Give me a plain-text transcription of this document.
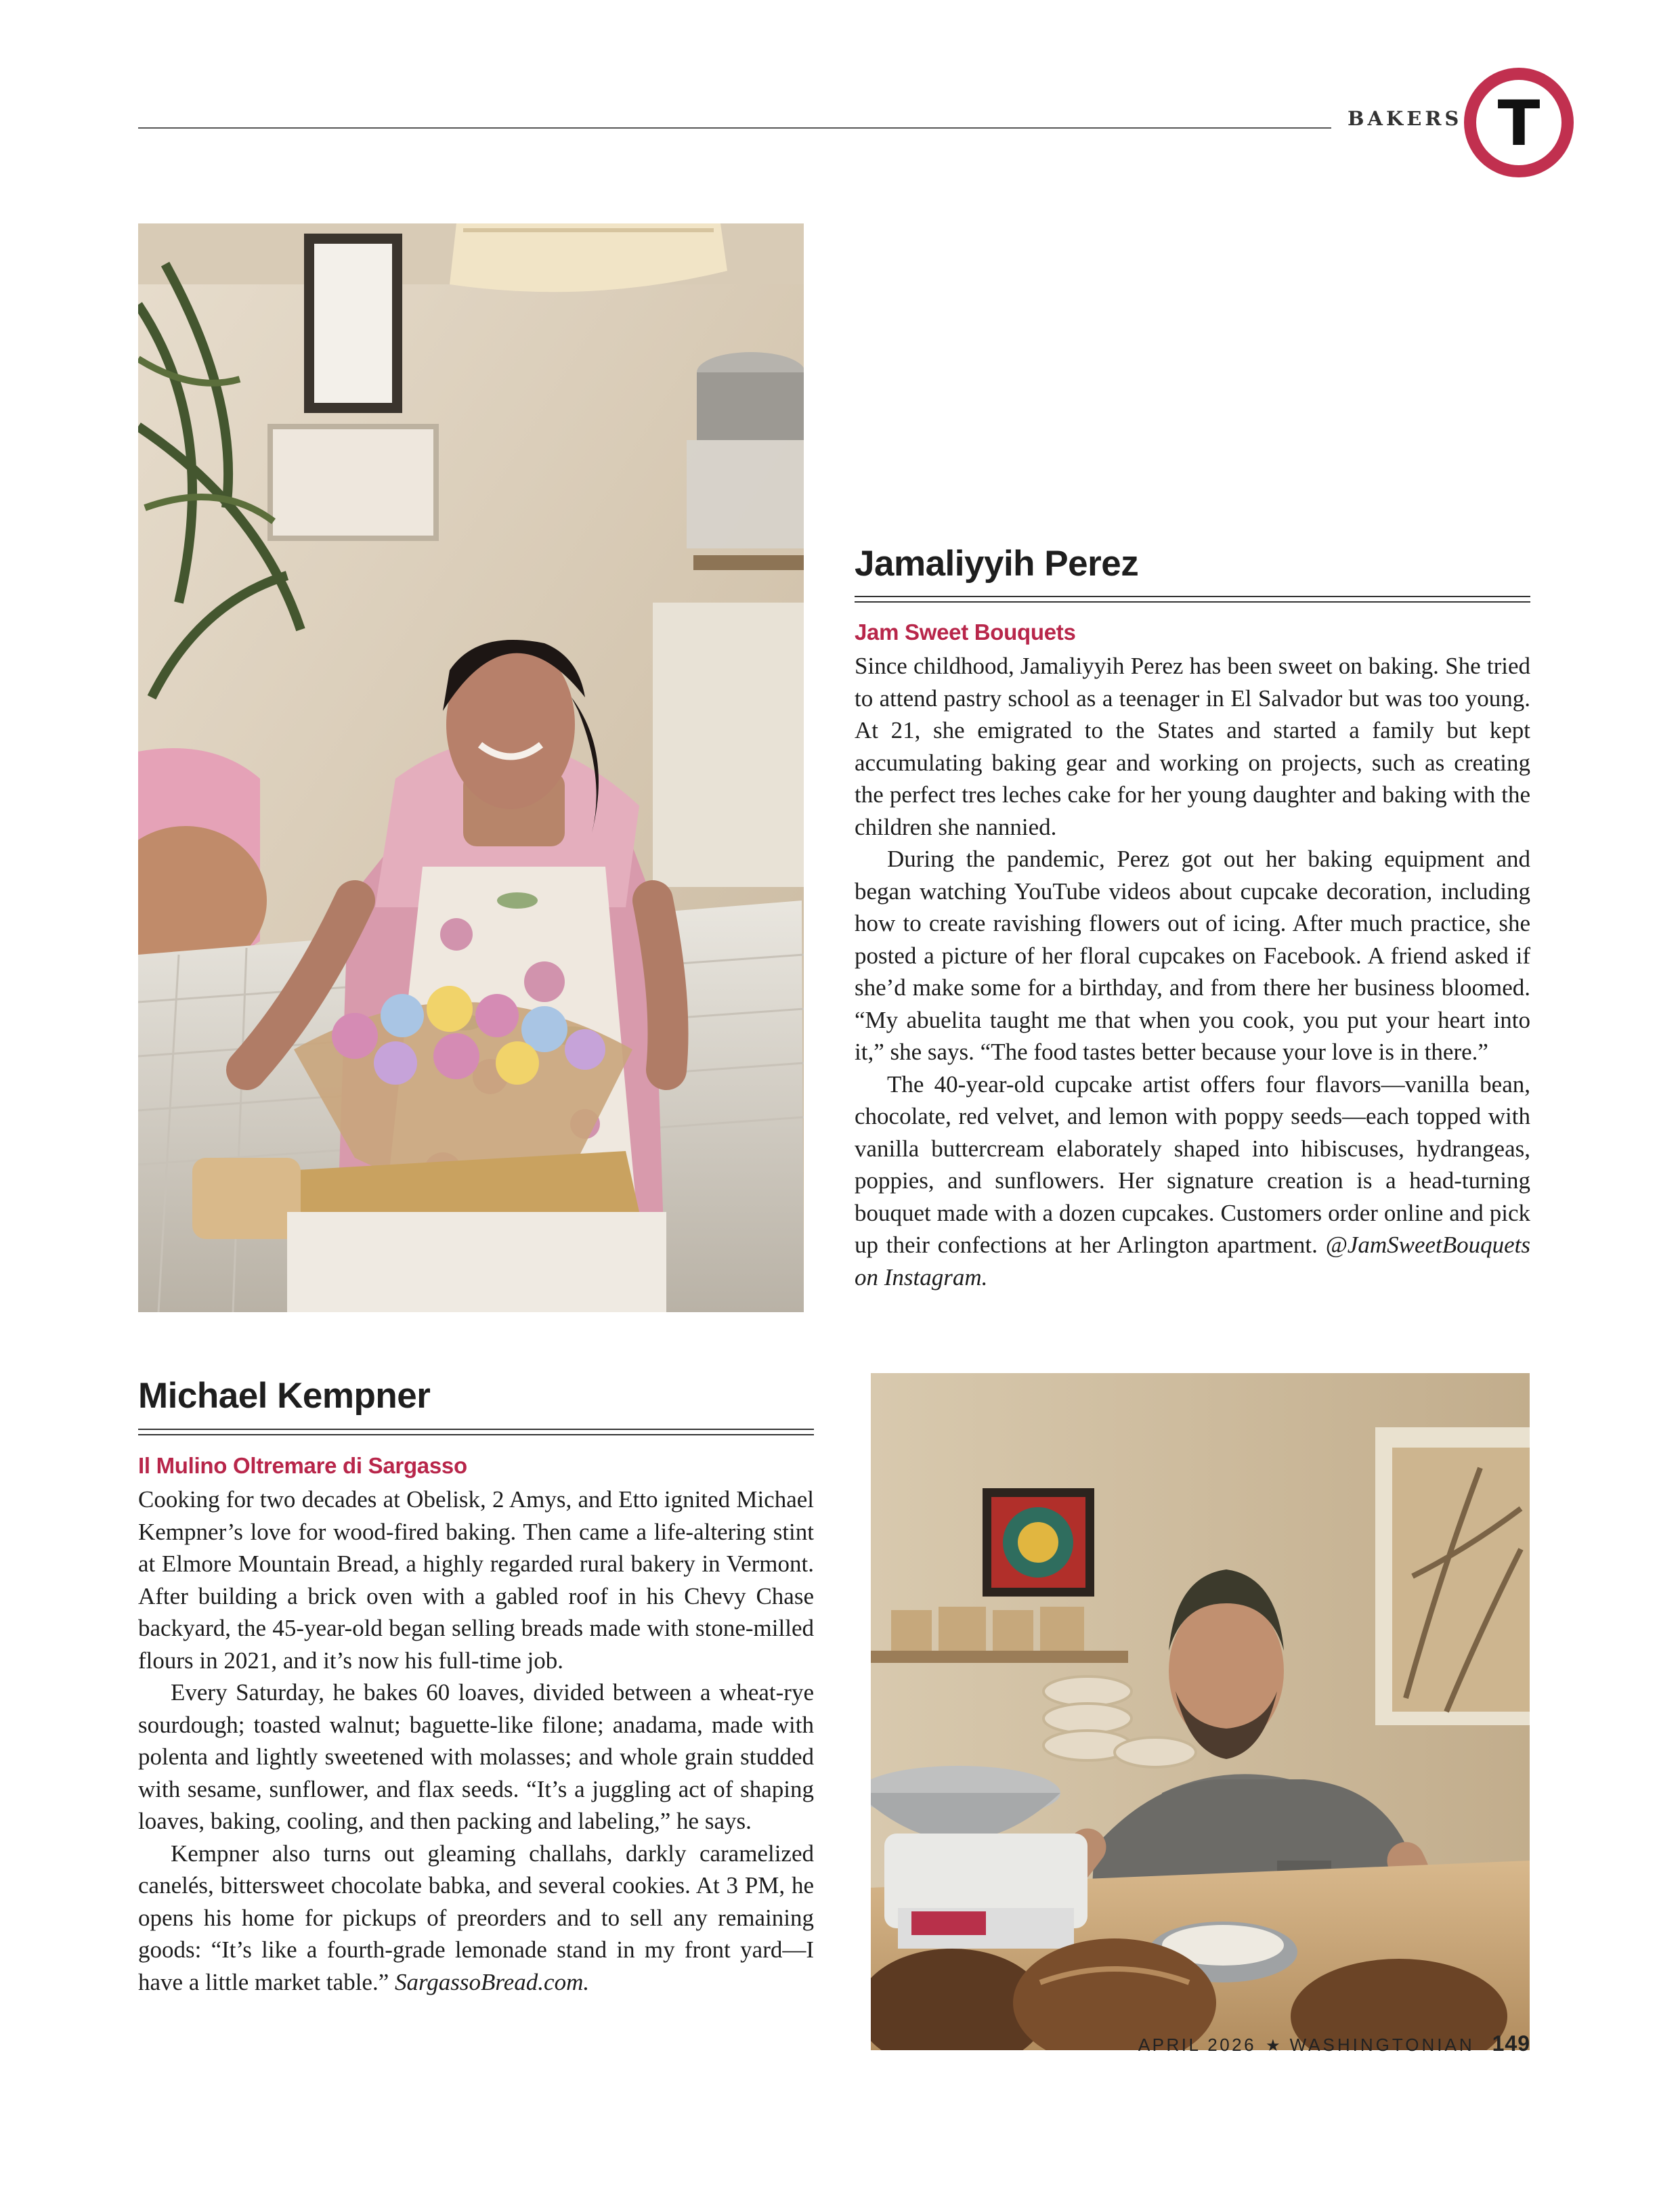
BAKERS T
Jamaliyyih Perez
Jam Sweet Bouquets

Since childhood, Jamaliyyih Perez has been sweet on baking. She tried to attend pastry school as a teenager in El Salvador but was too young. At 21, she emigrated to the States and started a family but kept accumulating baking gear and working on projects, such as creating the perfect tres leches cake for her young daughter and baking with the children she nannied.

During the pandemic, Perez got out her baking equipment and began watching YouTube videos about cupcake decoration, including how to create ravishing flowers out of icing. After much practice, she posted a picture of her floral cupcakes on Facebook. A friend asked if she’d make some for a birthday, and from there her business bloomed. “My abuelita taught me that when you cook, you put your heart into it,” she says. “The food tastes better because your love is in there.”

The 40-year-old cupcake artist offers four flavors—vanilla bean, chocolate, red velvet, and lemon with poppy seeds—each topped with vanilla buttercream elaborately shaped into hibiscuses, hydrangeas, poppies, and sunflowers. Her signature creation is a head-turning bouquet made with a dozen cupcakes. Customers order online and pick up their confections at her Arlington apartment. @JamSweetBouquets on Instagram.

Michael Kempner
Il Mulino Oltremare di Sargasso

Cooking for two decades at Obelisk, 2 Amys, and Etto ignited Michael Kempner’s love for wood-fired baking. Then came a life-altering stint at Elmore Mountain Bread, a highly regarded rural bakery in Vermont. After building a brick oven with a gabled roof in his Chevy Chase backyard, the 45-year-old began selling breads made with stone-milled flours in 2021, and it’s now his full-time job.

Every Saturday, he bakes 60 loaves, divided between a wheat-rye sourdough; toasted walnut; baguette-like filone; anadama, made with polenta and lightly sweetened with molasses; and whole grain studded with sesame, sunflower, and flax seeds. “It’s a juggling act of shaping loaves, baking, cooling, and then packing and labeling,” he says.

Kempner also turns out gleaming challahs, darkly caramelized canelés, bittersweet chocolate babka, and several cookies. At 3 PM, he opens his home for pickups of preorders and to sell any remaining goods: “It’s like a fourth-grade lemonade stand in my front yard—I have a little market table.” SargassoBread.com.

APRIL 2026 ★ WASHINGTONIAN 149
